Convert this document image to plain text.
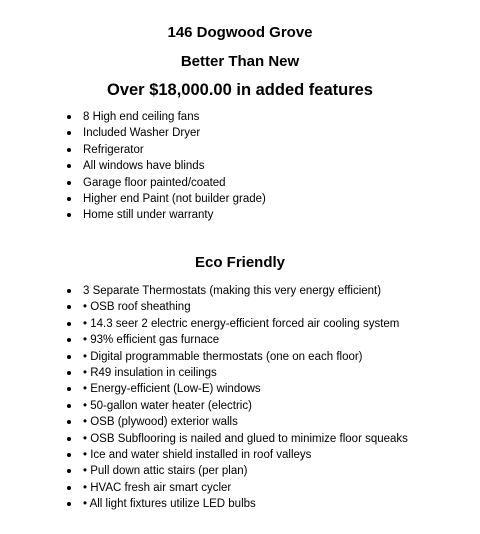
146 Dogwood Grove
Better Than New
Over $18,000.00 in added features
8 High end ceiling fans
Included Washer Dryer
Refrigerator
All windows have blinds
Garage floor painted/coated
Higher end Paint (not builder grade)
Home still under warranty
Eco Friendly
3 Separate Thermostats (making this very energy efficient)
• OSB roof sheathing
• 14.3 seer 2 electric energy-efficient forced air cooling system
• 93% efficient gas furnace
• Digital programmable thermostats (one on each floor)
• R49 insulation in ceilings
• Energy-efficient (Low-E) windows
• 50-gallon water heater (electric)
• OSB (plywood) exterior walls
• OSB Subflooring is nailed and glued to minimize floor squeaks
• Ice and water shield installed in roof valleys
• Pull down attic stairs (per plan)
• HVAC fresh air smart cycler
• All light fixtures utilize LED bulbs
